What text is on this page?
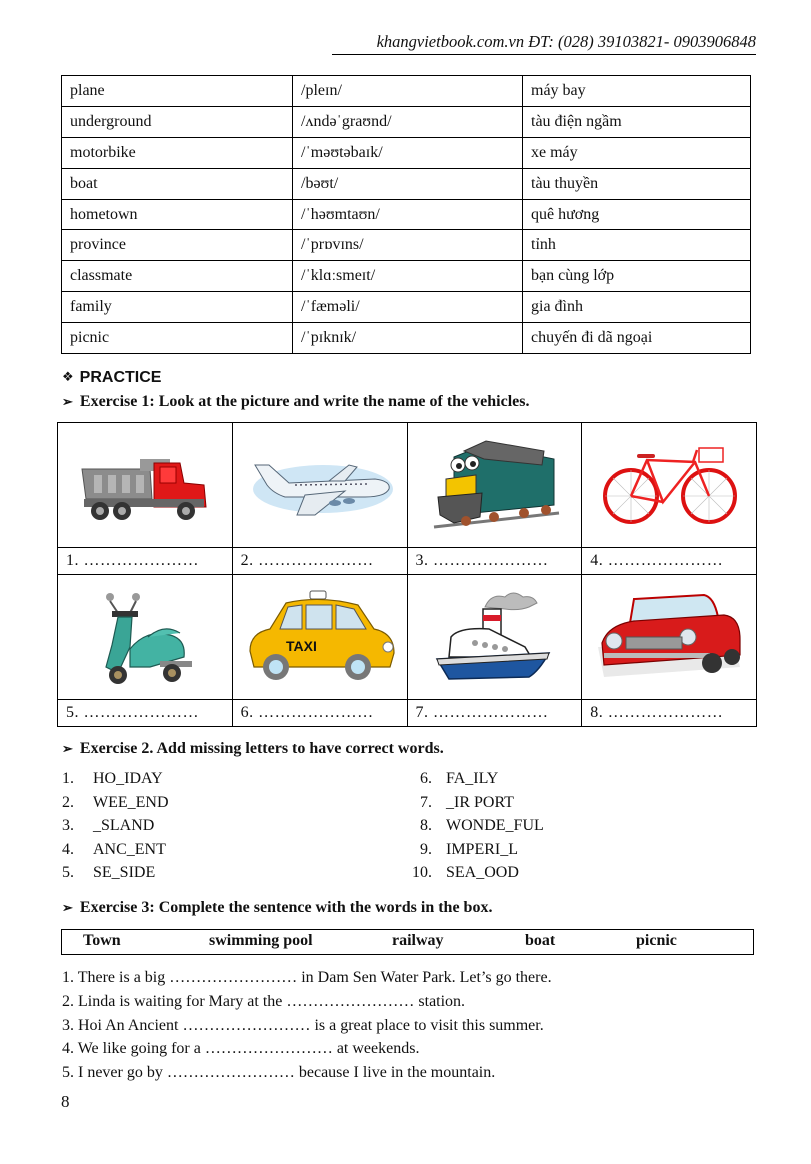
khangvietbook.com.vn ĐT: (028) 39103821- 0903906848
plane	/pleɪn/	máy bay
underground	/ʌndəˈgraʊnd/	tàu điện ngầm
motorbike	/ˈməʊtəbaɪk/	xe máy
boat	/bəʊt/	tàu thuyền
hometown	/ˈhəʊmtaʊn/	quê hương
province	/ˈprɒvɪns/	tỉnh
classmate	/ˈklɑːsmeɪt/	bạn cùng lớp
family	/ˈfæməli/	gia đình
picnic	/ˈpɪknɪk/	chuyến đi dã ngoại
❖ PRACTICE
➢ Exercise 1: Look at the picture and write the name of the vehicles.

1. …………………	2. …………………	3. …………………	4. …………………

TAXI

5. …………………	6. …………………	7. …………………	8. …………………
➢ Exercise 2. Add missing letters to have correct words.
1. HO_IDAY
2. WEE_END
3. _SLAND
4. ANC_ENT
5. SE_SIDE
6. FA_ILY
7. _IR PORT
8. WONDE_FUL
9. IMPERI_L
10. SEA_OOD
➢ Exercise 3: Complete the sentence with the words in the box.
Town	swimming pool	railway	boat	picnic
1. There is a big …………………… in Dam Sen Water Park. Let’s go there.
2. Linda is waiting for Mary at the …………………… station.
3. Hoi An Ancient …………………… is a great place to visit this summer.
4. We like going for a …………………… at weekends.
5. I never go by …………………… because I live in the mountain.
8
